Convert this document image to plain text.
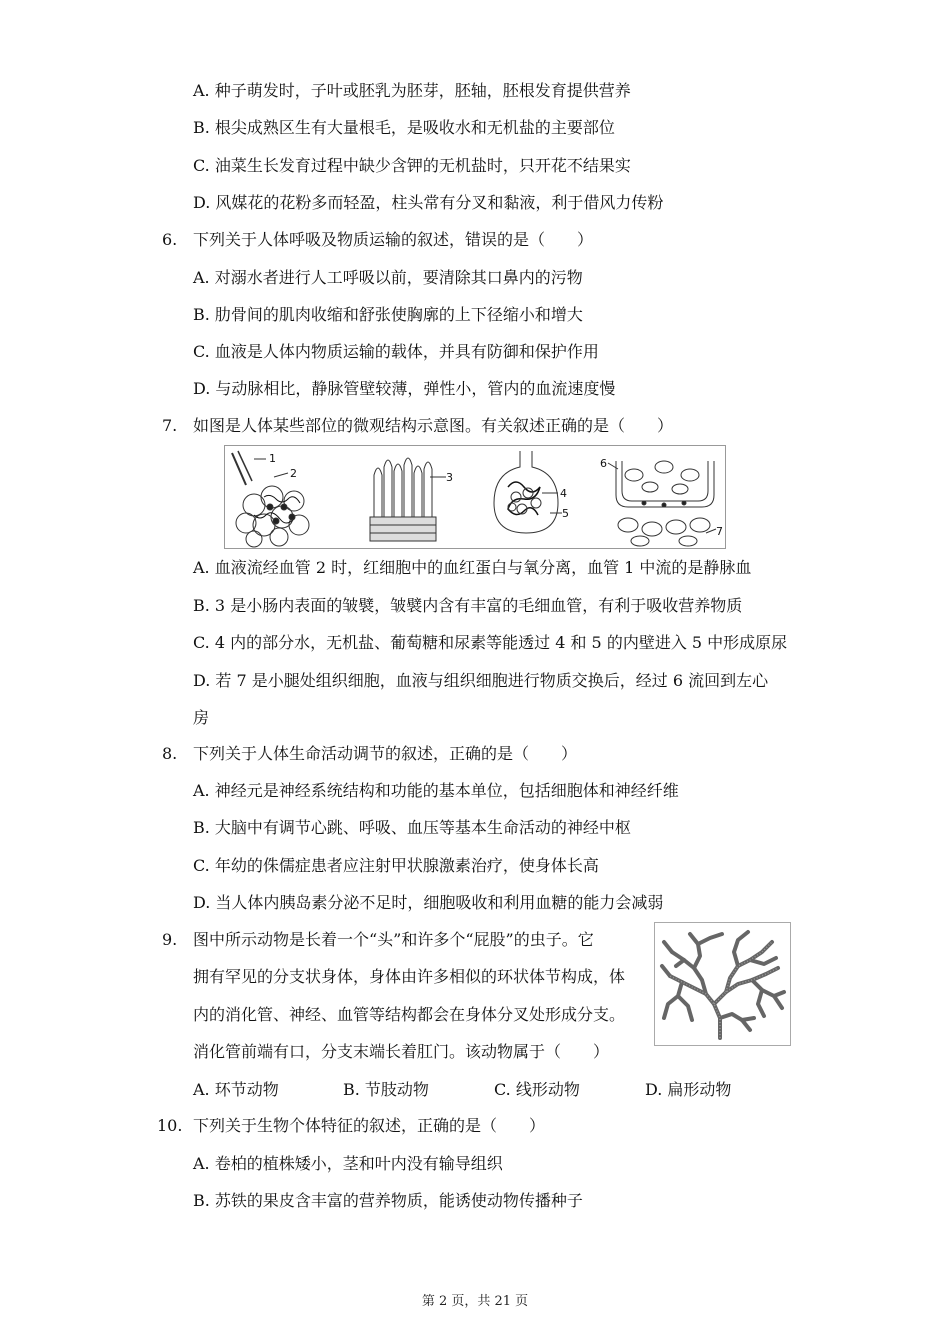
A. 种子萌发时，子叶或胚乳为胚芽，胚轴，胚根发育提供营养
B. 根尖成熟区生有大量根毛，是吸收水和无机盐的主要部位
C. 油菜生长发育过程中缺少含钾的无机盐时，只开花不结果实
D. 风媒花的花粉多而轻盈，柱头常有分叉和黏液，利于借风力传粉
6. 下列关于人体呼吸及物质运输的叙述，错误的是（　　）
A. 对溺水者进行人工呼吸以前，要清除其口鼻内的污物
B. 肋骨间的肌肉收缩和舒张使胸廓的上下径缩小和增大
C. 血液是人体内物质运输的载体，并具有防御和保护作用
D. 与动脉相比，静脉管壁较薄，弹性小，管内的血流速度慢
7. 如图是人体某些部位的微观结构示意图。有关叙述正确的是（　　）
1
2	3
4
5
6
7
A. 血液流经血管 2 时，红细胞中的血红蛋白与氧分离，血管 1 中流的是静脉血
B. 3 是小肠内表面的皱襞，皱襞内含有丰富的毛细血管，有利于吸收营养物质
C. 4 内的部分水，无机盐、葡萄糖和尿素等能透过 4 和 5 的内壁进入 5 中形成原尿
D. 若 7 是小腿处组织细胞，血液与组织细胞进行物质交换后，经过 6 流回到左心
房
8. 下列关于人体生命活动调节的叙述，正确的是（　　）
A. 神经元是神经系统结构和功能的基本单位，包括细胞体和神经纤维
B. 大脑中有调节心跳、呼吸、血压等基本生命活动的神经中枢
C. 年幼的侏儒症患者应注射甲状腺激素治疗，使身体长高
D. 当人体内胰岛素分泌不足时，细胞吸收和利用血糖的能力会减弱
9. 图中所示动物是长着一个“头”和许多个“屁股”的虫子。它
拥有罕见的分支状身体，身体由许多相似的环状体节构成，体
内的消化管、神经、血管等结构都会在身体分叉处形成分支。
消化管前端有口，分支末端长着肛门。该动物属于（　　）
A. 环节动物	B. 节肢动物	C. 线形动物	D. 扁形动物
10. 下列关于生物个体特征的叙述，正确的是（　　）
A. 卷柏的植株矮小，茎和叶内没有输导组织
B. 苏铁的果皮含丰富的营养物质，能诱使动物传播种子
第 2 页，共 21 页
